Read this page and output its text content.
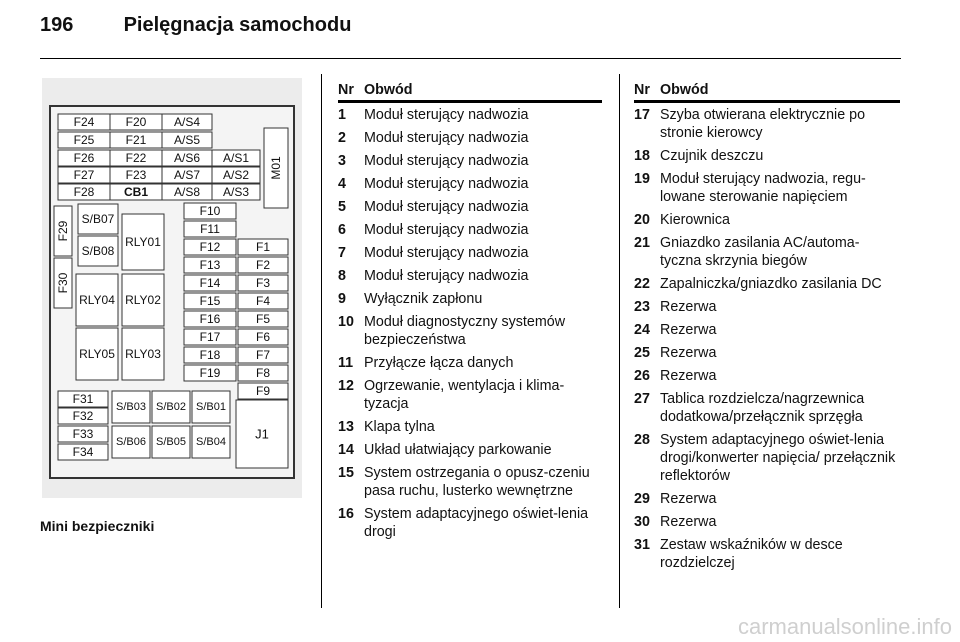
196	Pielęgnacja samochodu
F24	F20 A/S4
F25	F21 A/S5
F26	F22 A/S6 A/S1
F27	F23 A/S7 A/S2
F28 CB1 A/S8 A/S3
M01
F29
F30
S/B07
S/B08
RLY01
RLY04 RLY02
RLY05 RLY03
F10
F11
F12	F1
F13	F2
F14	F3
F15	F4
F16	F5
F17	F6
F18	F7
F19	F8
F9
F31
F32
F33
F34
S/B03 S/B02 S/B01
S/B06 S/B05 S/B04
J1
Mini bezpieczniki
Nr Obwód
1	Moduł sterujący nadwozia
2	Moduł sterujący nadwozia
3	Moduł sterujący nadwozia
4	Moduł sterujący nadwozia
5	Moduł sterujący nadwozia
6	Moduł sterujący nadwozia
7	Moduł sterujący nadwozia
8	Moduł sterujący nadwozia
9	Wyłącznik zapłonu
10 Moduł diagnostyczny systemów bezpieczeństwa
11 Przyłącze łącza danych
12 Ogrzewanie, wentylacja i klima-tyzacja
13 Klapa tylna
14 Układ ułatwiający parkowanie
15 System ostrzegania o opusz-czeniu pasa ruchu, lusterko wewnętrzne
16 System adaptacyjnego oświet-lenia drogi
Nr Obwód
17 Szyba otwierana elektrycznie po stronie kierowcy
18 Czujnik deszczu
19 Moduł sterujący nadwozia, regu-lowane sterowanie napięciem
20 Kierownica
21 Gniazdko zasilania AC/automa-tyczna skrzynia biegów
22 Zapalniczka/gniazdko zasilania DC
23 Rezerwa
24 Rezerwa
25 Rezerwa
26 Rezerwa
27 Tablica rozdzielcza/nagrzewnica dodatkowa/przełącznik sprzęgła
28 System adaptacyjnego oświet-lenia drogi/konwerter napięcia/ przełącznik reflektorów
29 Rezerwa
30 Rezerwa
31 Zestaw wskaźników w desce rozdzielczej
carmanualsonline.info
